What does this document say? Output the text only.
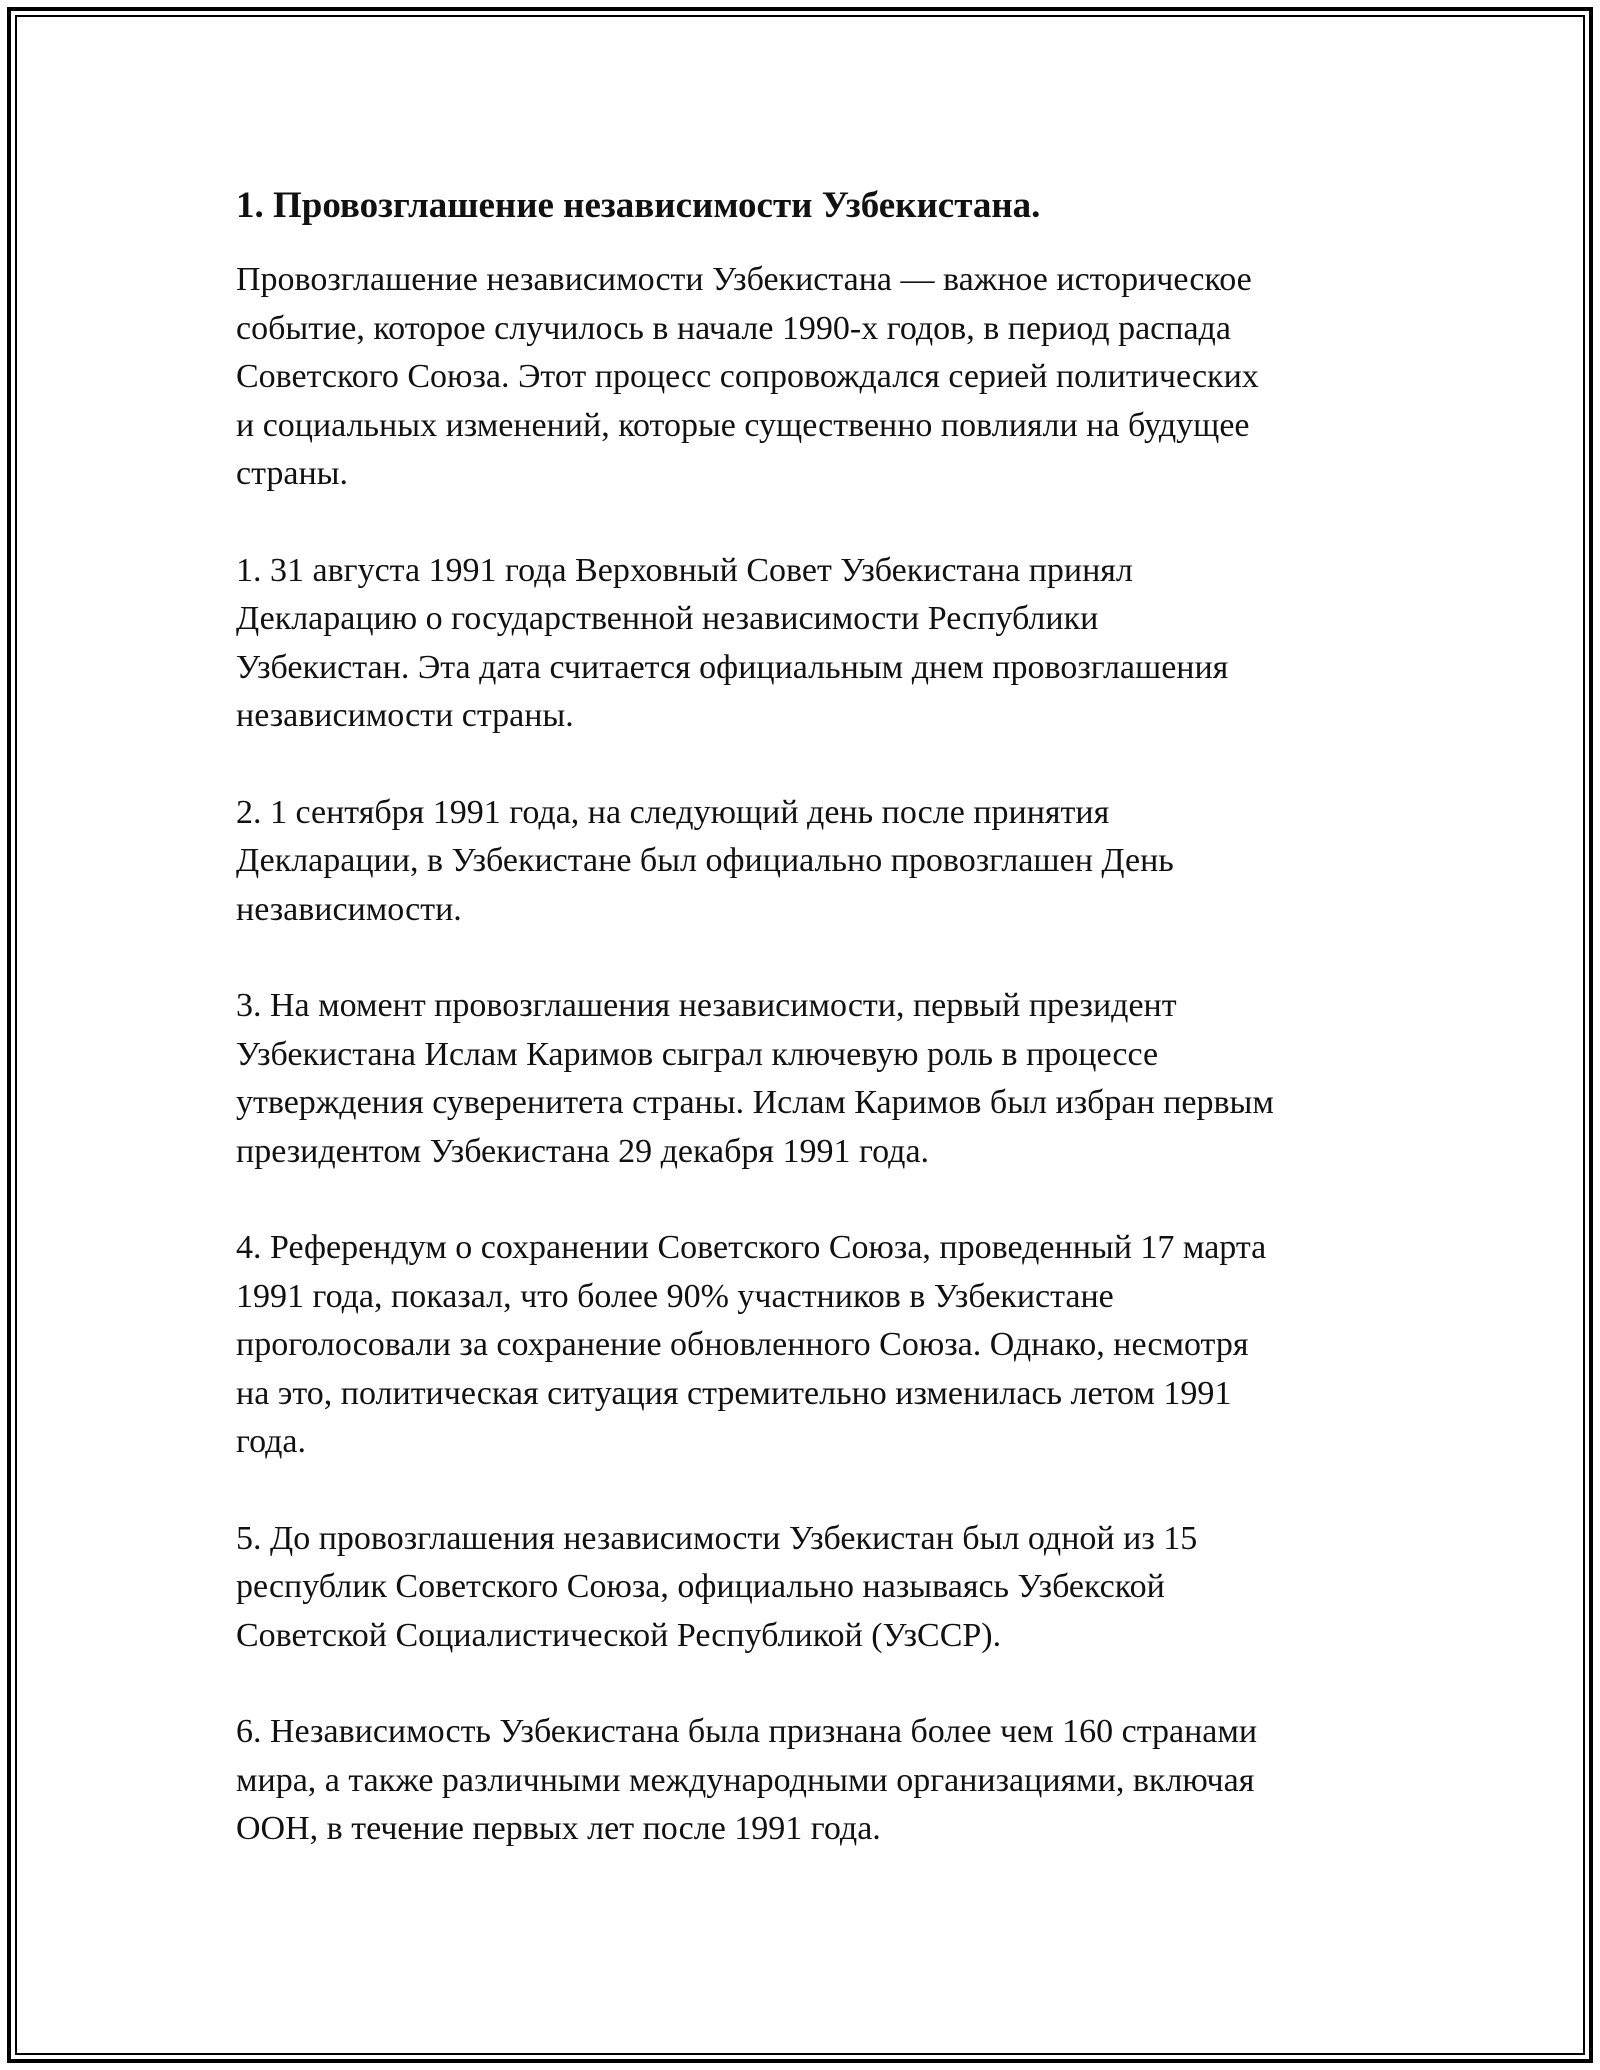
1. Провозглашение независимости Узбекистана.

Провозглашение независимости Узбекистана — важное историческое
событие, которое случилось в начале 1990-х годов, в период распада
Советского Союза. Этот процесс сопровождался серией политических
и социальных изменений, которые существенно повлияли на будущее
страны.

1. 31 августа 1991 года Верховный Совет Узбекистана принял
Декларацию о государственной независимости Республики
Узбекистан. Эта дата считается официальным днем провозглашения
независимости страны.

2. 1 сентября 1991 года, на следующий день после принятия
Декларации, в Узбекистане был официально провозглашен День
независимости.

3. На момент провозглашения независимости, первый президент
Узбекистана Ислам Каримов сыграл ключевую роль в процессе
утверждения суверенитета страны. Ислам Каримов был избран первым
президентом Узбекистана 29 декабря 1991 года.

4. Референдум о сохранении Советского Союза, проведенный 17 марта
1991 года, показал, что более 90% участников в Узбекистане
проголосовали за сохранение обновленного Союза. Однако, несмотря
на это, политическая ситуация стремительно изменилась летом 1991
года.

5. До провозглашения независимости Узбекистан был одной из 15
республик Советского Союза, официально называясь Узбекской
Советской Социалистической Республикой (УзССР).

6. Независимость Узбекистана была признана более чем 160 странами
мира, а также различными международными организациями, включая
ООН, в течение первых лет после 1991 года.
